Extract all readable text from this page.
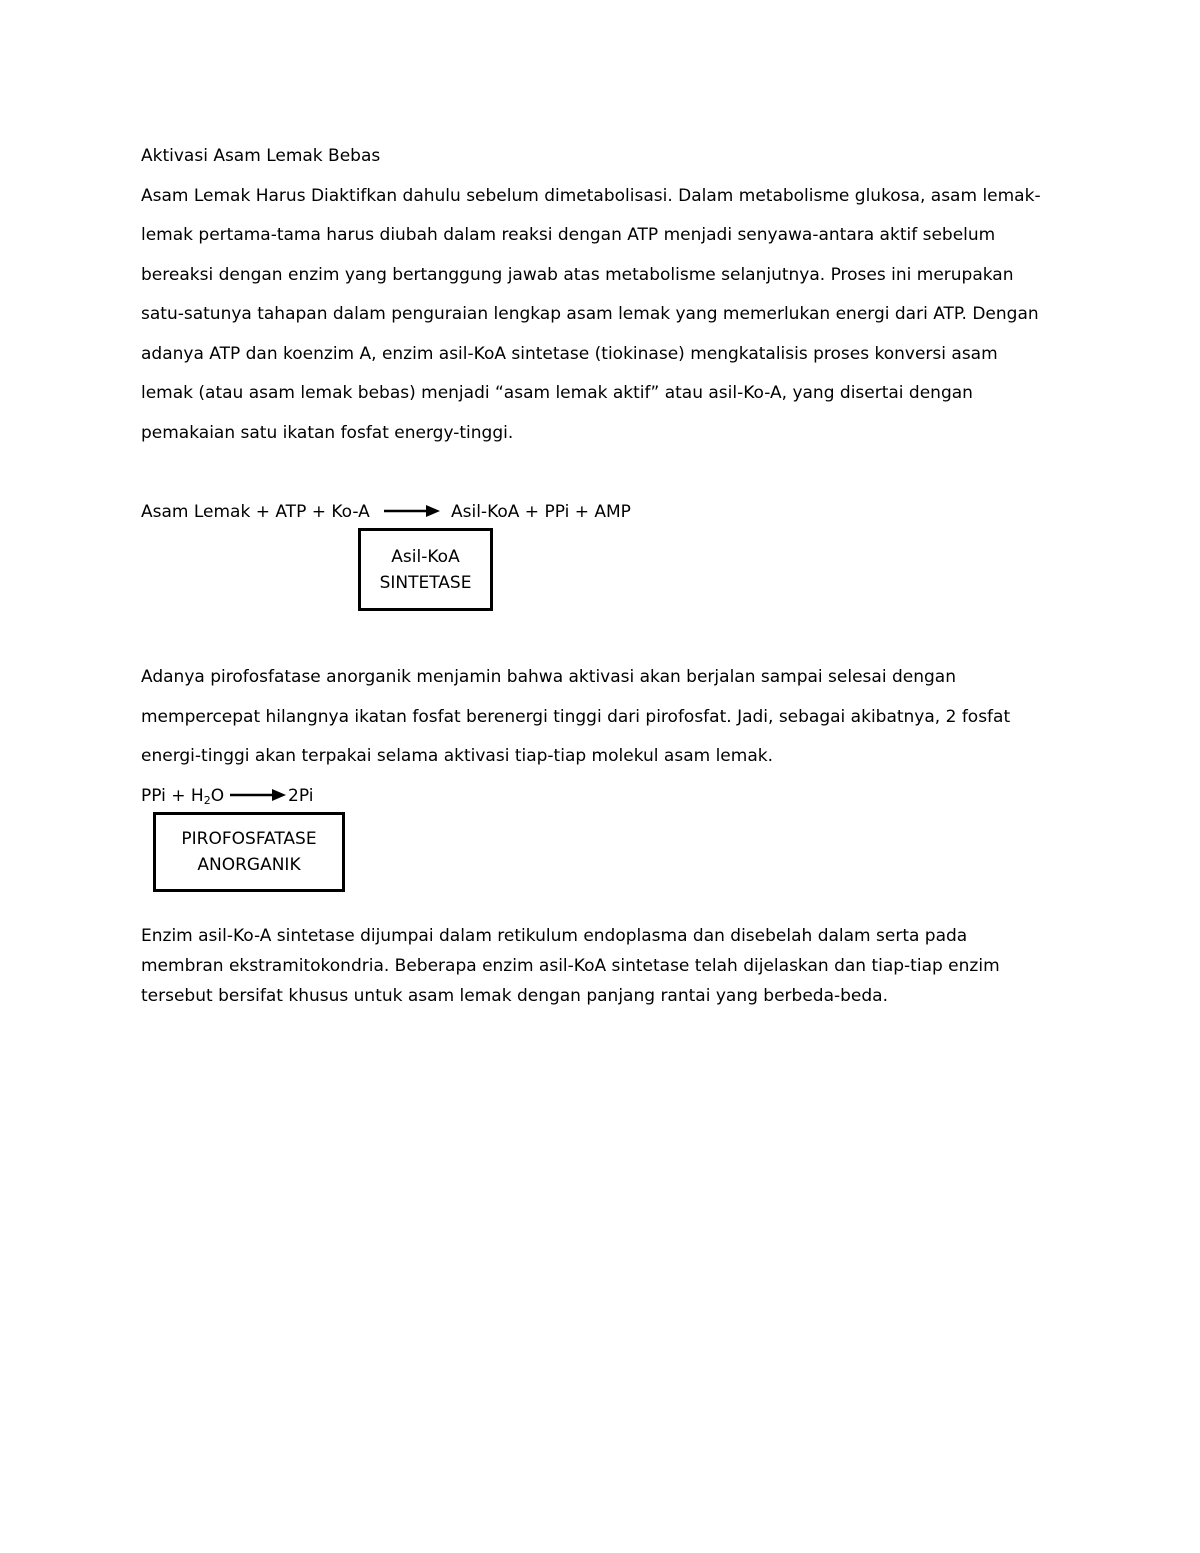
Aktivasi Asam Lemak Bebas
Asam Lemak Harus Diaktifkan dahulu sebelum dimetabolisasi. Dalam metabolisme glukosa, asam lemak-
lemak pertama-tama harus diubah dalam reaksi dengan ATP menjadi senyawa-antara aktif sebelum
bereaksi dengan enzim yang bertanggung jawab atas metabolisme selanjutnya. Proses ini merupakan
satu-satunya tahapan dalam penguraian lengkap asam lemak yang memerlukan energi dari ATP. Dengan
adanya ATP dan koenzim A, enzim asil-KoA sintetase (tiokinase) mengkatalisis proses konversi asam
lemak (atau asam lemak bebas) menjadi “asam lemak aktif” atau asil-Ko-A, yang disertai dengan
pemakaian satu ikatan fosfat energy-tinggi.
Asam Lemak + ATP + Ko-A → Asil-KoA + PPi + AMP
Asil-KoA
SINTETASE
Adanya pirofosfatase anorganik menjamin bahwa aktivasi akan berjalan sampai selesai dengan
mempercepat hilangnya ikatan fosfat berenergi tinggi dari pirofosfat. Jadi, sebagai akibatnya, 2 fosfat
energi-tinggi akan terpakai selama aktivasi tiap-tiap molekul asam lemak.
PPi + $H_2O \to 2Pi$
PIROFOSFATASE
ANORGANIK
Enzim asil-Ko-A sintetase dijumpai dalam retikulum endoplasma dan disebelah dalam serta pada
membran ekstramitokondria. Beberapa enzim asil-KoA sintetase telah dijelaskan dan tiap-tiap enzim
tersebut bersifat khusus untuk asam lemak dengan panjang rantai yang berbeda-beda.
